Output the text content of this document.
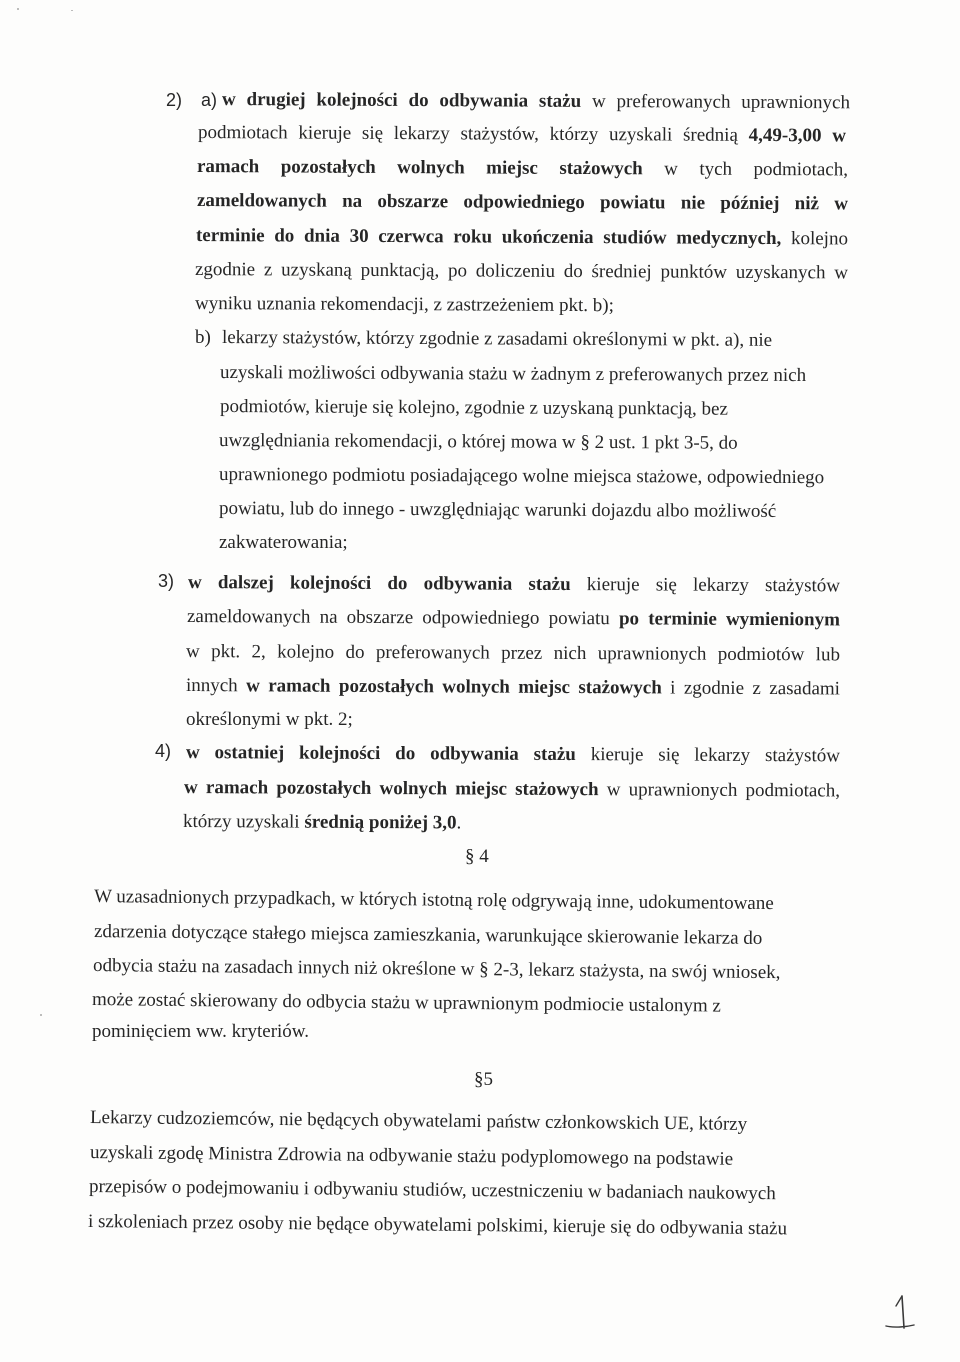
2) a) w drugiej kolejności do odbywania stażu w preferowanych uprawnionych
podmiotach kieruje się lekarzy stażystów, którzy uzyskali średnią 4,49-3,00 w
ramach pozostałych wolnych miejsc stażowych w tych podmiotach,
zameldowanych na obszarze odpowiedniego powiatu nie później niż w
terminie do dnia 30 czerwca roku ukończenia studiów medycznych, kolejno
zgodnie z uzyskaną punktacją, po doliczeniu do średniej punktów uzyskanych w
wyniku uznania rekomendacji, z zastrzeżeniem pkt. b);
b) lekarzy stażystów, którzy zgodnie z zasadami określonymi w pkt. a), nie
uzyskali możliwości odbywania stażu w żadnym z preferowanych przez nich
podmiotów, kieruje się kolejno, zgodnie z uzyskaną punktacją, bez
uwzględniania rekomendacji, o której mowa w § 2 ust. 1 pkt 3-5, do
uprawnionego podmiotu posiadającego wolne miejsca stażowe, odpowiedniego
powiatu, lub do innego - uwzględniając warunki dojazdu albo możliwość
zakwaterowania;
3) w dalszej kolejności do odbywania stażu kieruje się lekarzy stażystów
zameldowanych na obszarze odpowiedniego powiatu po terminie wymienionym
w pkt. 2, kolejno do preferowanych przez nich uprawnionych podmiotów lub
innych w ramach pozostałych wolnych miejsc stażowych i zgodnie z zasadami
określonymi w pkt. 2;
4) w ostatniej kolejności do odbywania stażu kieruje się lekarzy stażystów
w ramach pozostałych wolnych miejsc stażowych w uprawnionych podmiotach,
którzy uzyskali średnią poniżej 3,0.
§ 4
W uzasadnionych przypadkach, w których istotną rolę odgrywają inne, udokumentowane
zdarzenia dotyczące stałego miejsca zamieszkania, warunkujące skierowanie lekarza do
odbycia stażu na zasadach innych niż określone w § 2-3, lekarz stażysta, na swój wniosek,
może zostać skierowany do odbycia stażu w uprawnionym podmiocie ustalonym z
pominięciem ww. kryteriów.
§5
Lekarzy cudzoziemców, nie będących obywatelami państw członkowskich UE, którzy
uzyskali zgodę Ministra Zdrowia na odbywanie stażu podyplomowego na podstawie
przepisów o podejmowaniu i odbywaniu studiów, uczestniczeniu w badaniach naukowych
i szkoleniach przez osoby nie będące obywatelami polskimi, kieruje się do odbywania stażu
